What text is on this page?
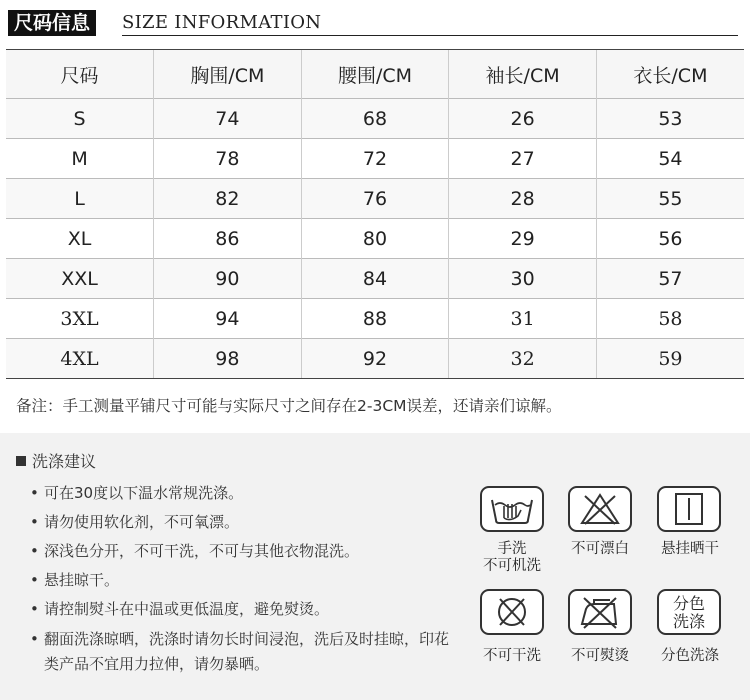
尺码信息	SIZE INFORMATION
尺码	胸围/CM	腰围/CM	袖长/CM	衣长/CM
S	74	68	26	53
M	78	72	27	54
L	82	76	28	55
XL	86	80	29	56
XXL	90	84	30	57
3XL	94	88	31	58
4XL	98	92	32	59
备注：手工测量平铺尺寸可能与实际尺寸之间存在2-3CM误差，还请亲们谅解。
洗涤建议
• 可在30度以下温水常规洗涤。
• 请勿使用软化剂，不可氧漂。
• 深浅色分开，不可干洗，不可与其他衣物混洗。
• 悬挂晾干。
• 请控制熨斗在中温或更低温度，避免熨烫。
• 翻面洗涤晾晒，洗涤时请勿长时间浸泡，洗后及时挂晾，印花类产品不宜用力拉伸，请勿暴晒。
手洗
不可机洗
不可漂白	悬挂晒干
不可干洗	不可熨烫
分色
洗涤
分色洗涤
